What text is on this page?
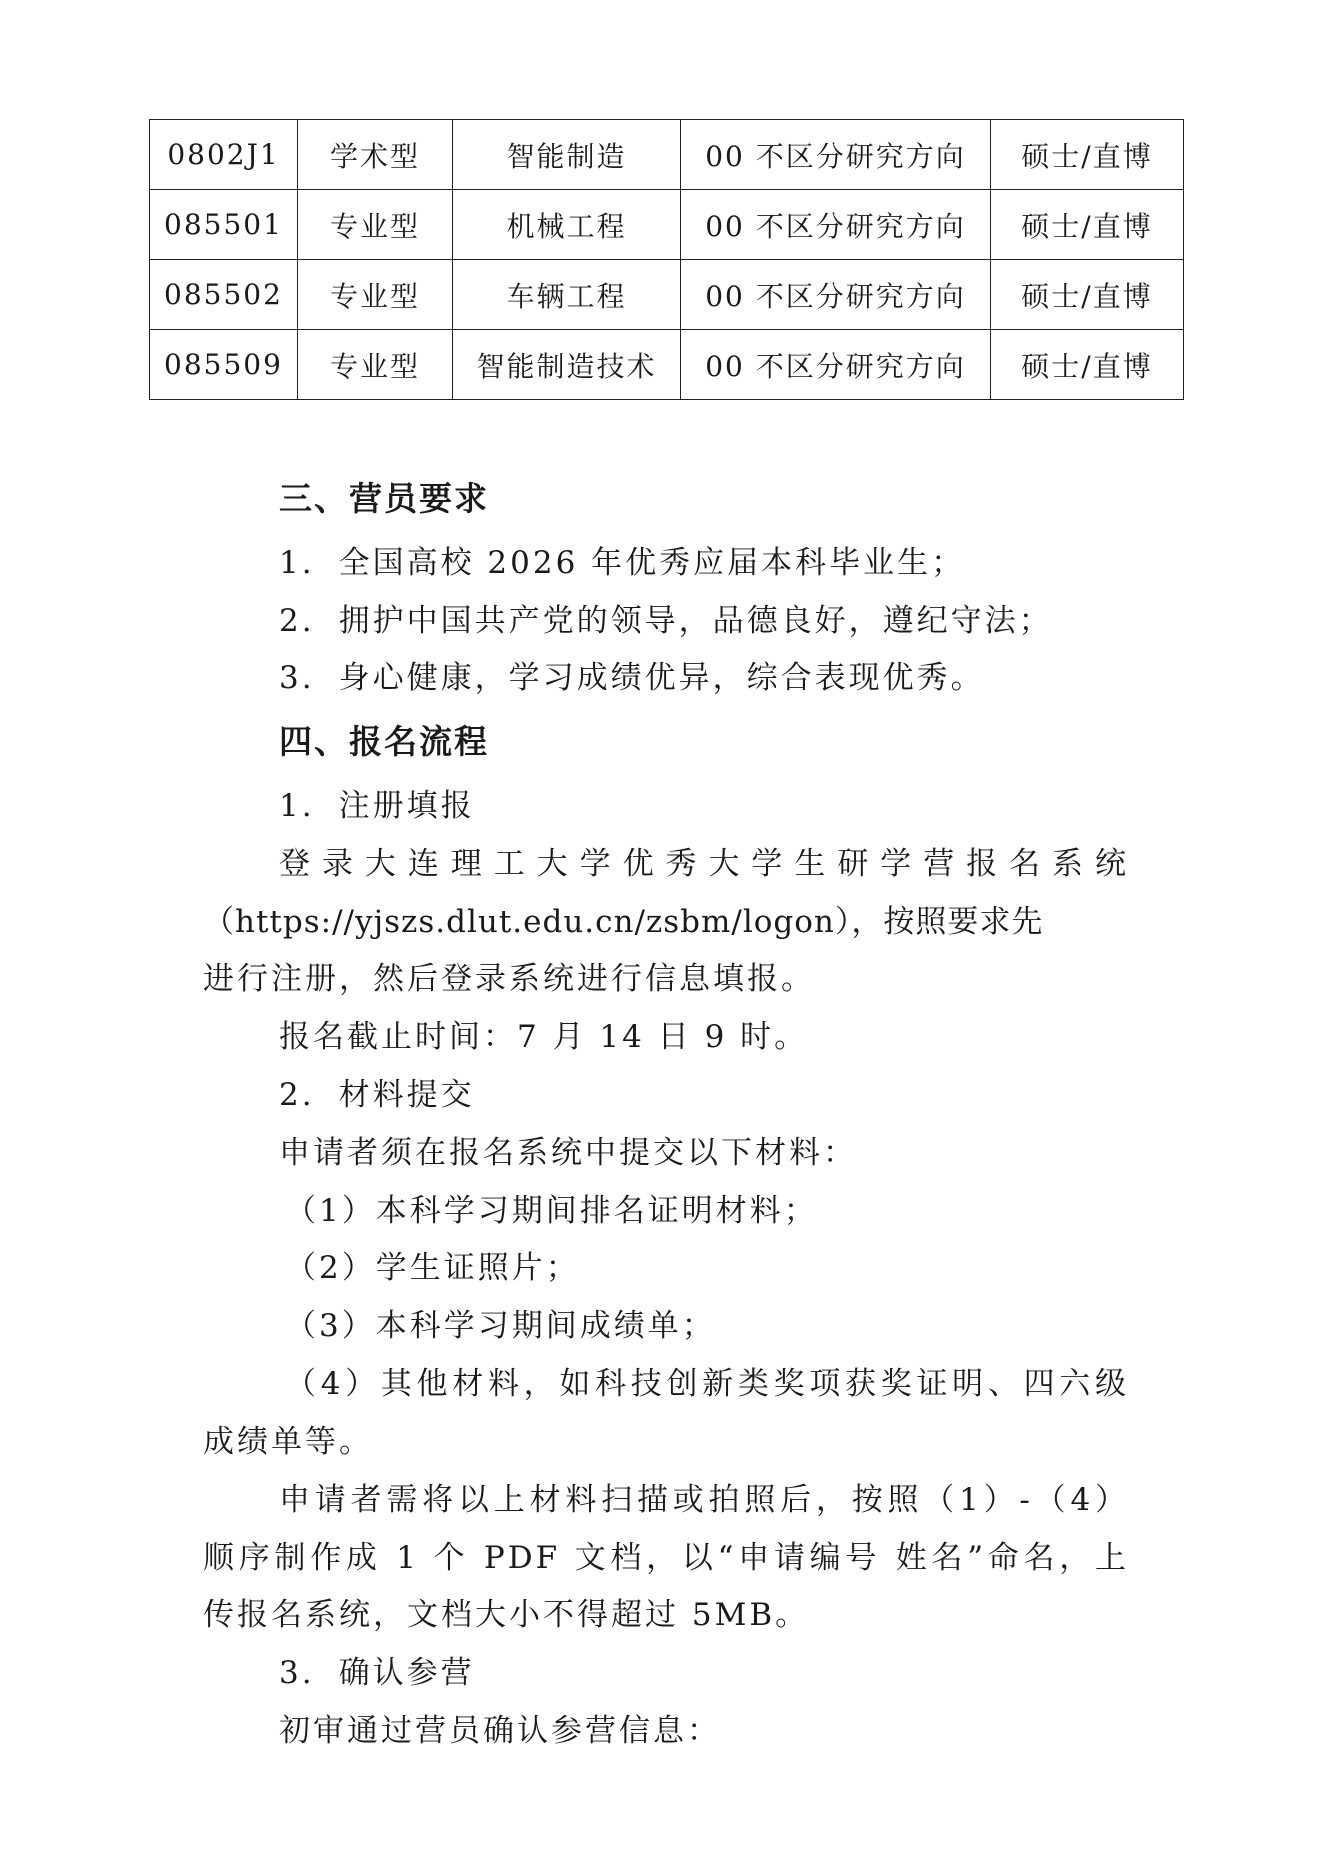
0802J1	学术型	智能制造	00 不区分研究方向	硕士/直博
085501	专业型	机械工程	00 不区分研究方向	硕士/直博
085502	专业型	车辆工程	00 不区分研究方向	硕士/直博
085509	专业型	智能制造技术	00 不区分研究方向	硕士/直博
三、营员要求
1. 全国高校 2026 年优秀应届本科毕业生；
2. 拥护中国共产党的领导，品德良好，遵纪守法；
3. 身心健康，学习成绩优异，综合表现优秀。
四、报名流程
1. 注册填报
登录大连理工大学优秀大学生研学营报名系统
（https://yjszs.dlut.edu.cn/zsbm/logon），按照要求先
进行注册，然后登录系统进行信息填报。
报名截止时间：7 月 14 日 9 时。
2. 材料提交
申请者须在报名系统中提交以下材料：
（1）本科学习期间排名证明材料；
（2）学生证照片；
（3）本科学习期间成绩单；
（4）其他材料，如科技创新类奖项获奖证明、四六级
成绩单等。
申请者需将以上材料扫描或拍照后，按照（1）-（4）
顺序制作成 1 个 PDF 文档，以“申请编号 姓名”命名，上
传报名系统，文档大小不得超过 5MB。
3. 确认参营
初审通过营员确认参营信息：
